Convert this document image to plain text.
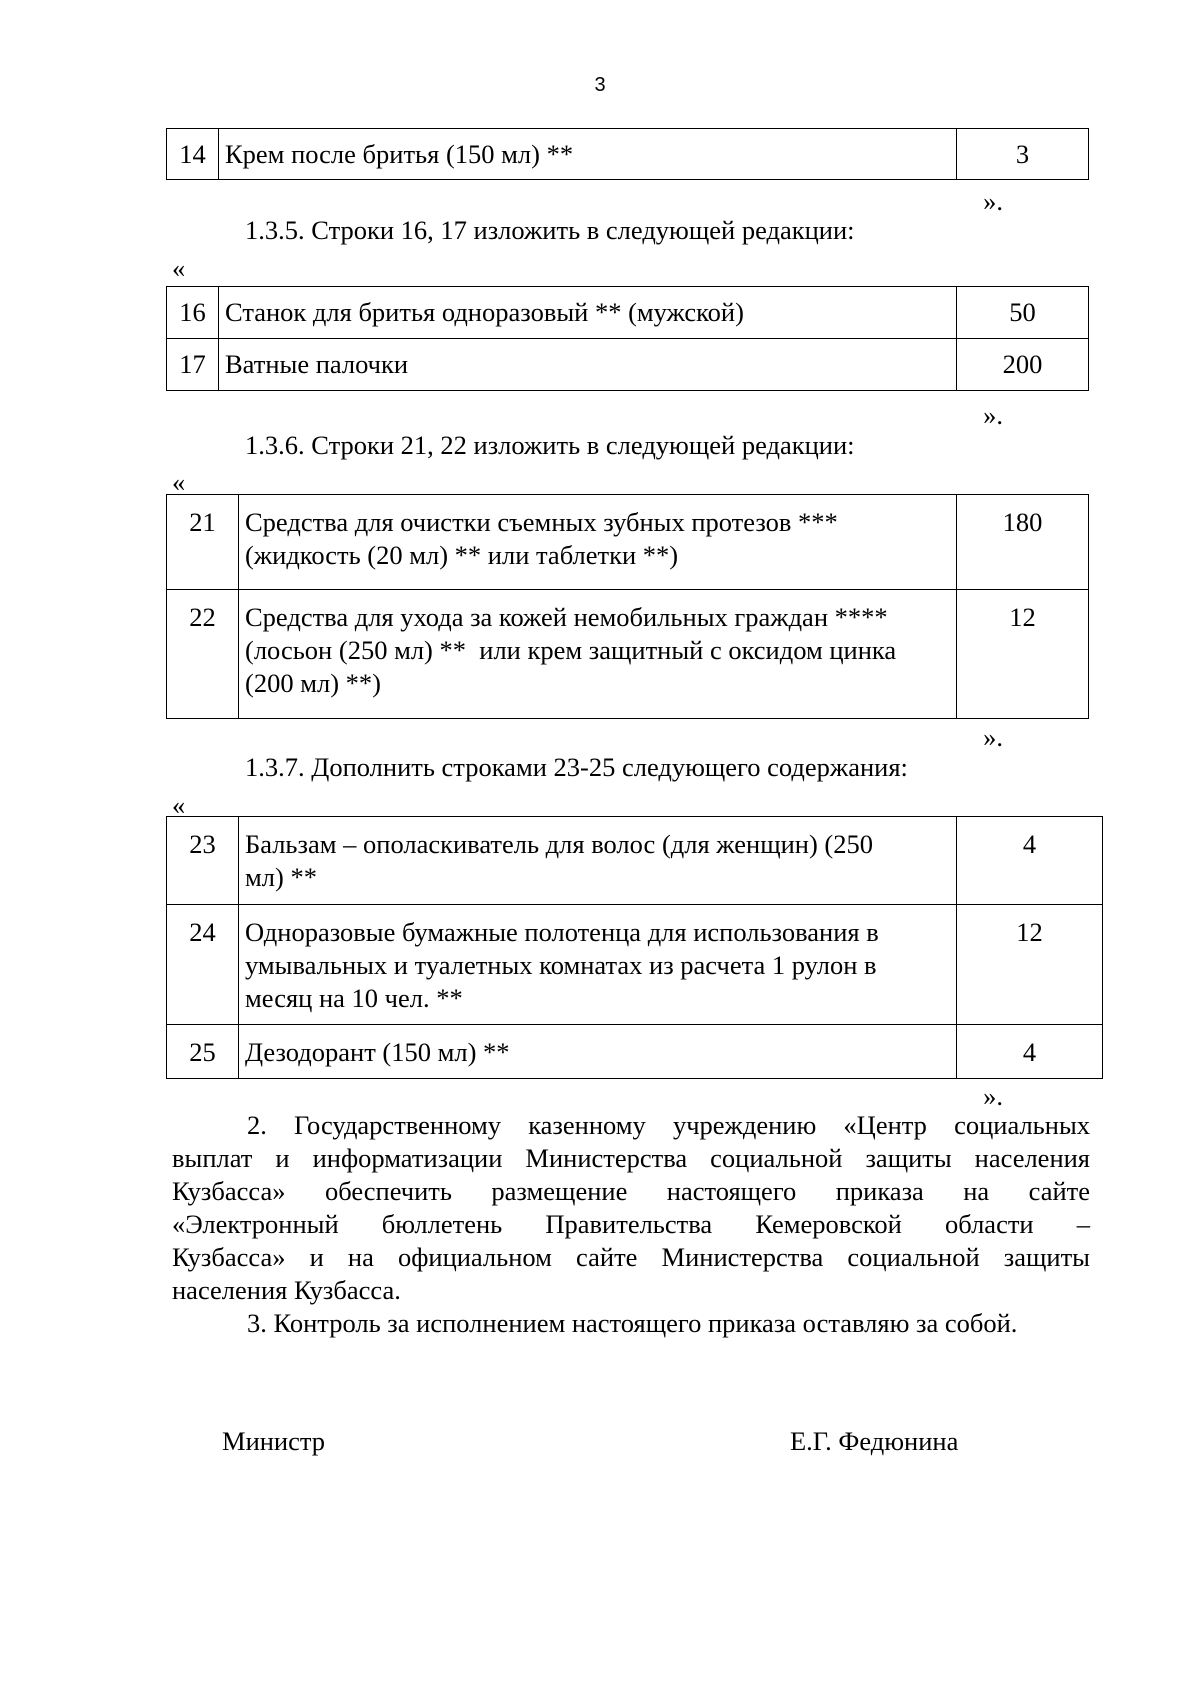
3
14	Крем после бритья (150 мл) **	3
».
1.3.5. Строки 16, 17 изложить в следующей редакции:
«
16	Станок для бритья одноразовый ** (мужской)	50
17	Ватные палочки	200
».
1.3.6. Строки 21, 22 изложить в следующей редакции:
«
21	Средства для очистки съемных зубных протезов ***
(жидкость (20 мл) ** или таблетки **)	180
22	Средства для ухода за кожей немобильных граждан ****
(лосьон (250 мл) **  или крем защитный с оксидом цинка
(200 мл) **)	12
».
1.3.7. Дополнить строками 23-25 следующего содержания:
«
23	Бальзам – ополаскиватель для волос (для женщин) (250
мл) **	4
24	Одноразовые бумажные полотенца для использования в
умывальных и туалетных комнатах из расчета 1 рулон в
месяц на 10 чел. **	12
25	Дезодорант (150 мл) **	4
».
2. Государственному казенному учреждению «Центр социальных
выплат и информатизации Министерства социальной защиты населения
Кузбасса» обеспечить размещение настоящего приказа на сайте
«Электронный бюллетень Правительства Кемеровской области –
Кузбасса» и на официальном сайте Министерства социальной защиты
населения Кузбасса.
3. Контроль за исполнением настоящего приказа оставляю за собой.
Министр	Е.Г. Федюнина
